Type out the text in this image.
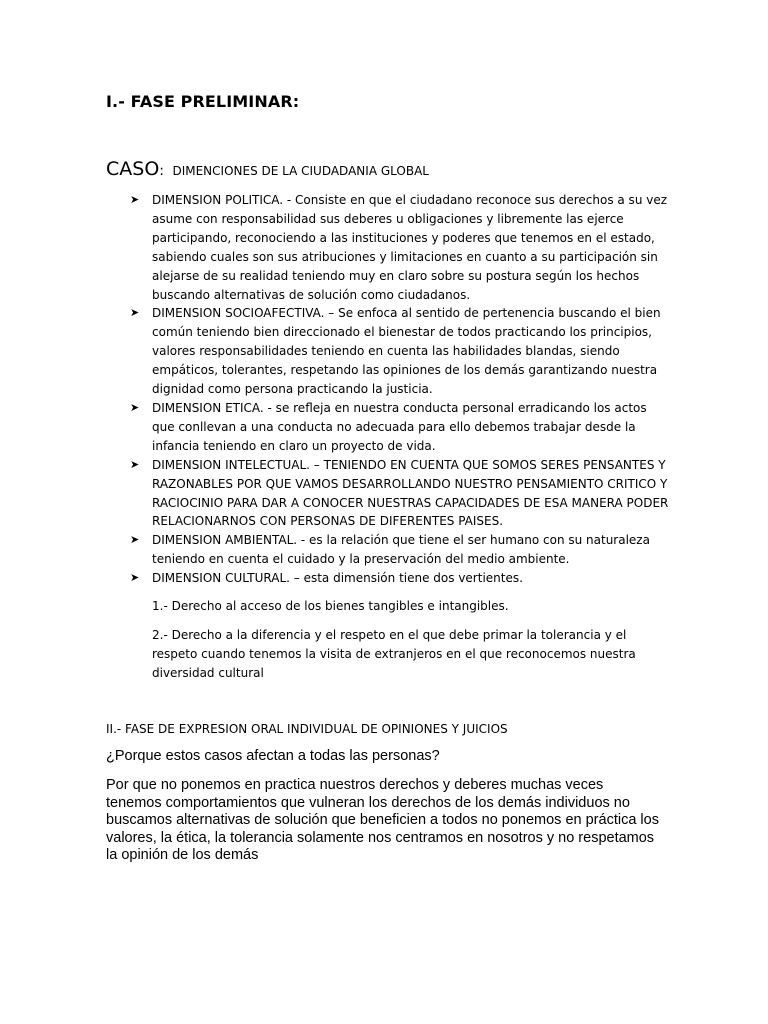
I.- FASE PRELIMINAR:
CASO: DIMENCIONES DE LA CIUDADANIA GLOBAL
➤ DIMENSION POLITICA. - Consiste en que el ciudadano reconoce sus derechos a su vez asume con responsabilidad sus deberes u obligaciones y libremente las ejerce participando, reconociendo a las instituciones y poderes que tenemos en el estado, sabiendo cuales son sus atribuciones y limitaciones en cuanto a su participación sin alejarse de su realidad teniendo muy en claro sobre su postura según los hechos buscando alternativas de solución como ciudadanos.
➤ DIMENSION SOCIOAFECTIVA. – Se enfoca al sentido de pertenencia buscando el bien común teniendo bien direccionado el bienestar de todos practicando los principios, valores responsabilidades teniendo en cuenta las habilidades blandas, siendo empáticos, tolerantes, respetando las opiniones de los demás garantizando nuestra dignidad como persona practicando la justicia.
➤ DIMENSION ETICA. - se refleja en nuestra conducta personal erradicando los actos que conllevan a una conducta no adecuada para ello debemos trabajar desde la infancia teniendo en claro un proyecto de vida.
➤ DIMENSION INTELECTUAL. – TENIENDO EN CUENTA QUE SOMOS SERES PENSANTES Y RAZONABLES POR QUE VAMOS DESARROLLANDO NUESTRO PENSAMIENTO CRITICO Y RACIOCINIO PARA DAR A CONOCER NUESTRAS CAPACIDADES DE ESA MANERA PODER RELACIONARNOS CON PERSONAS DE DIFERENTES PAISES.
➤ DIMENSION AMBIENTAL. - es la relación que tiene el ser humano con su naturaleza teniendo en cuenta el cuidado y la preservación del medio ambiente.
➤ DIMENSION CULTURAL. – esta dimensión tiene dos vertientes.
1.- Derecho al acceso de los bienes tangibles e intangibles.
2.- Derecho a la diferencia y el respeto en el que debe primar la tolerancia y el respeto cuando tenemos la visita de extranjeros en el que reconocemos nuestra diversidad cultural
II.- FASE DE EXPRESION ORAL INDIVIDUAL DE OPINIONES Y JUICIOS
¿Porque estos casos afectan a todas las personas?
Por que no ponemos en practica nuestros derechos y deberes muchas veces tenemos comportamientos que vulneran los derechos de los demás individuos no buscamos alternativas de solución que beneficien a todos no ponemos en práctica los valores, la ética, la tolerancia solamente nos centramos en nosotros y no respetamos la opinión de los demás
